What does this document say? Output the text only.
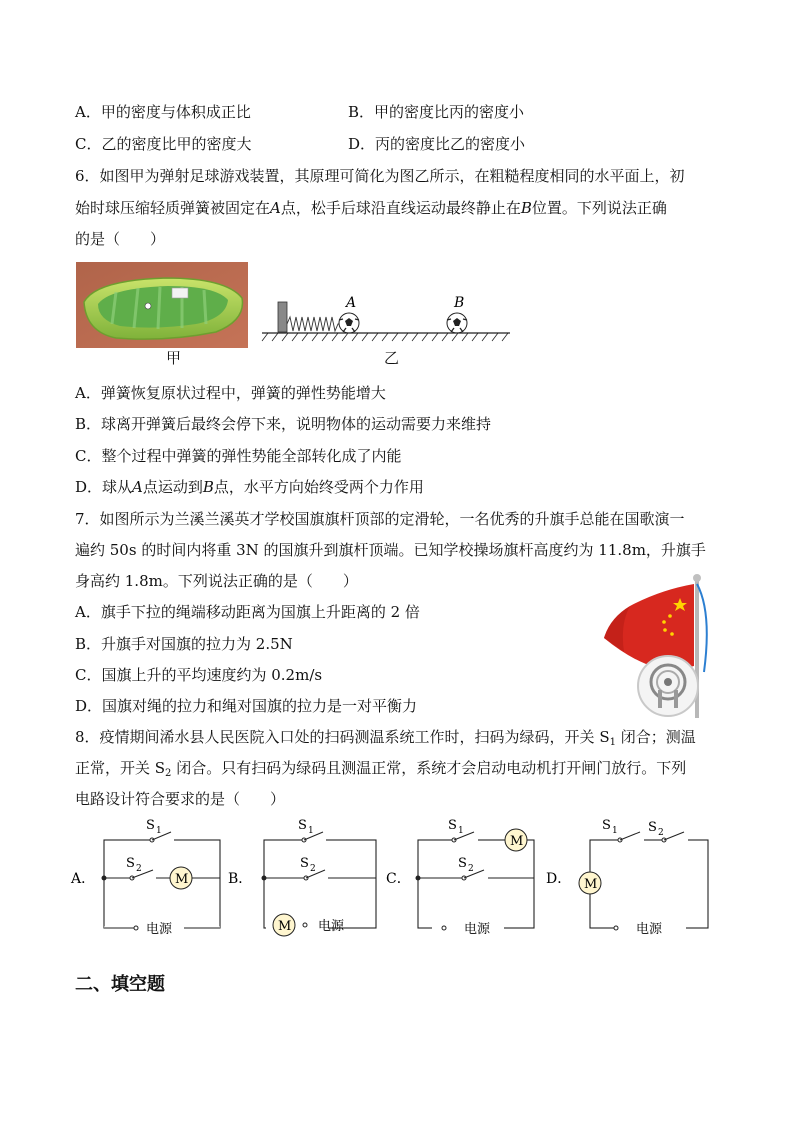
A．甲的密度与体积成正比	B．甲的密度比丙的密度小
C．乙的密度比甲的密度大	D．丙的密度比乙的密度小
6．如图甲为弹射足球游戏装置，其原理可简化为图乙所示，在粗糙程度相同的水平面上，初
始时球压缩轻质弹簧被固定在A点，松手后球沿直线运动最终静止在B位置。下列说法正确
的是（　　）
甲
A	B
乙
A．弹簧恢复原状过程中，弹簧的弹性势能增大
B．球离开弹簧后最终会停下来，说明物体的运动需要力来维持
C．整个过程中弹簧的弹性势能全部转化成了内能
D．球从A点运动到B点，水平方向始终受两个力作用
7．如图所示为兰溪兰溪英才学校国旗旗杆顶部的定滑轮，一名优秀的升旗手总能在国歌演一
遍约 50s 的时间内将重 3N 的国旗升到旗杆顶端。已知学校操场旗杆高度约为 11.8m，升旗手
身高约 1.8m。下列说法正确的是（　　）
A．旗手下拉的绳端移动距离为国旗上升距离的 2 倍
B．升旗手对国旗的拉力为 2.5N
C．国旗上升的平均速度约为 0.2m/s
D．国旗对绳的拉力和绳对国旗的拉力是一对平衡力
8．疫情期间浠水县人民医院入口处的扫码测温系统工作时，扫码为绿码，开关 $S_1$ 闭合；测温
正常，开关 $S_2$ 闭合。只有扫码为绿码且测温正常，系统才会启动电动机打开闸门放行。下列
电路设计符合要求的是（　　）
M
S 1
S 2
电源
A．
S 1
S 2
M 电源
B．
M
S 1
S 2
电源
C．
S 1 S 2
M
电源
D．
二、填空题
